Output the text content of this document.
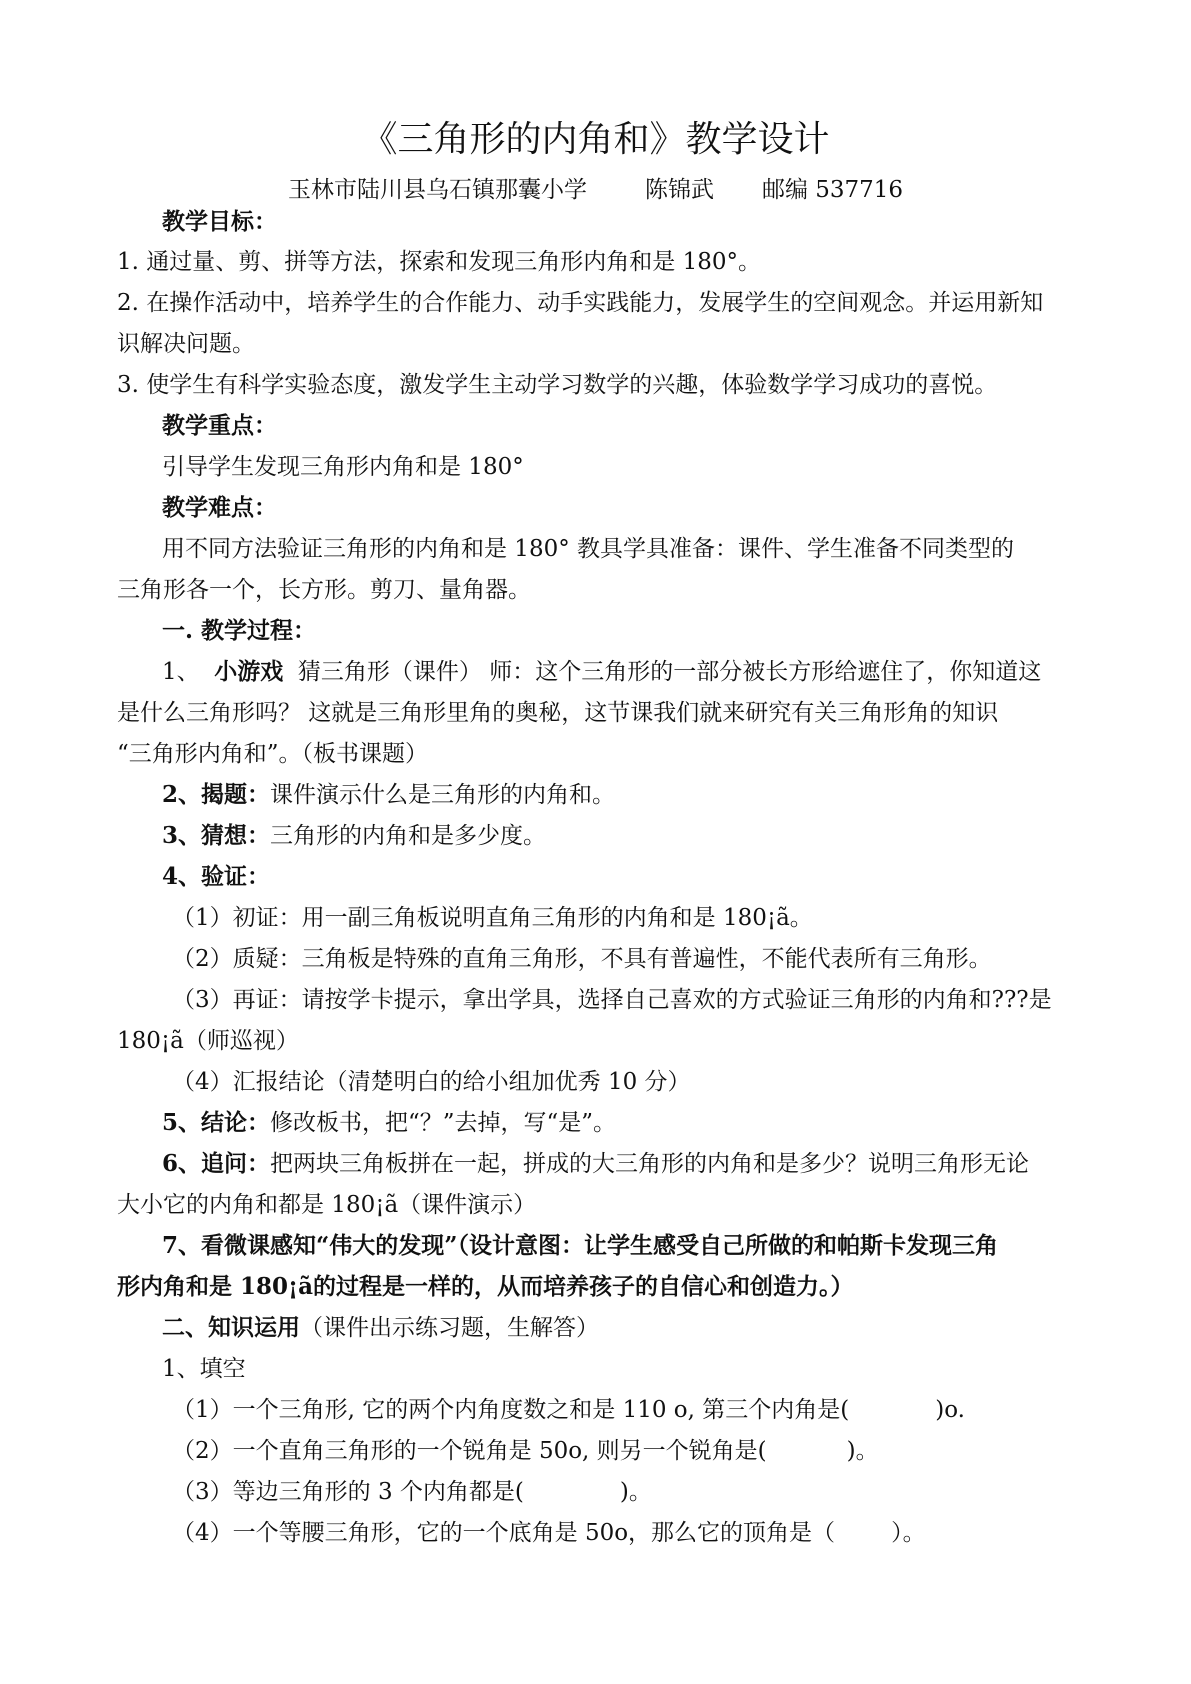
《三角形的内角和》教学设计
玉林市陆川县乌石镇那囊小学	陈锦武 邮编 537716
教学目标：
1. 通过量、剪、拼等方法，探索和发现三角形内角和是 180°。
2. 在操作活动中，培养学生的合作能力、动手实践能力，发展学生的空间观念。并运用新知
识解决问题。
3. 使学生有科学实验态度，激发学生主动学习数学的兴趣，体验数学学习成功的喜悦。
教学重点：
引导学生发现三角形内角和是 180°
教学难点：
用不同方法验证三角形的内角和是 180° 教具学具准备：课件、学生准备不同类型的
三角形各一个，长方形。剪刀、量角器。
一. 教学过程：
1、 小游戏 猜三角形（课件） 师：这个三角形的一部分被长方形给遮住了，你知道这
是什么三角形吗？ 这就是三角形里角的奥秘，这节课我们就来研究有关三角形角的知识
“三角形内角和”。（板书课题）
2、揭题：课件演示什么是三角形的内角和。
3、猜想：三角形的内角和是多少度。
4、验证：
（1）初证：用一副三角板说明直角三角形的内角和是 180¡ã。
（2）质疑：三角板是特殊的直角三角形，不具有普遍性，不能代表所有三角形。
（3）再证：请按学卡提示，拿出学具，选择自己喜欢的方式验证三角形的内角和???是
180¡ã（师巡视）
（4）汇报结论（清楚明白的给小组加优秀 10 分）
5、结论：修改板书，把“？”去掉，写“是”。
6、追问：把两块三角板拼在一起，拼成的大三角形的内角和是多少？说明三角形无论
大小它的内角和都是 180¡ã（课件演示）
7、看微课感知“伟大的发现”（设计意图：让学生感受自己所做的和帕斯卡发现三角
形内角和是 180¡ã的过程是一样的，从而培养孩子的自信心和创造力。）
二、知识运用（课件出示练习题，生解答）
1、填空
（1）一个三角形, 它的两个内角度数之和是 110 o, 第三个内角是(	)o.
（2）一个直角三角形的一个锐角是 50o, 则另一个锐角是(	)。
（3）等边三角形的 3 个内角都是(	)。
（4）一个等腰三角形，它的一个底角是 50o，那么它的顶角是（ ）。
